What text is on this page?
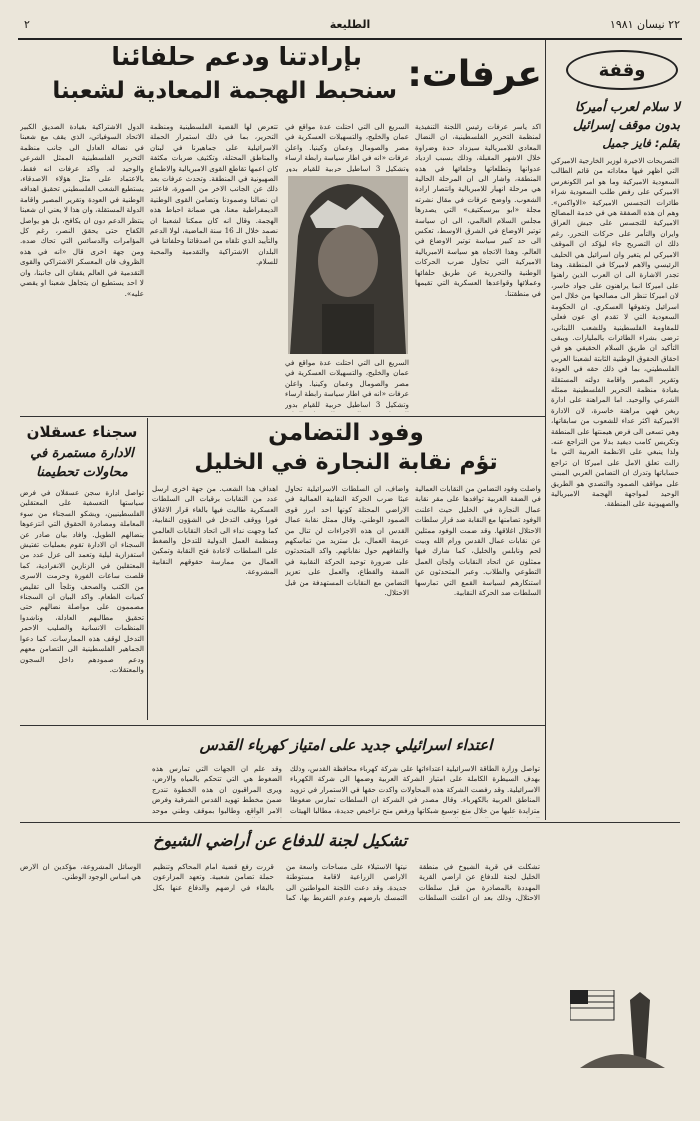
٢٢ نيسان ١٩٨١
الطليعة
٢
بإرادتنا ودعم حلفائنا عرفات:
سنحبط الهجمة المعادية لشعبنا
اكد ياسر عرفات رئيس اللجنة التنفيذية لمنظمة التحرير الفلسطينية، ان النضال المعادي للامبريالية سيزداد حدة وضراوة خلال الاشهر المقبلة، وذلك بسبب ازدياد عدوانها وتطلعاتها وحلفائها في هذه المنطقة، واشار الى ان المرحلة الحالية هي مرحلة انهيار للامبريالية وانتصار ارادة الشعوب. واوضح عرفات في مقال نشرته مجلة «ابو بيرسبكتيف» التي يصدرها مجلس السلام العالمي، الى ان سياسة توتير الاوضاع في الشرق الاوسط، تعكس الى حد كبير سياسة توتير الاوضاع في العالم. وهذا الاتجاه هو سياسة الامبريالية الاميركية التي تحاول ضرب الحركات الوطنية والتحررية عن طريق حلفائها وعملائها وقواعدها العسكرية التي تقيمها في منطقتنا.
السريع الى التي احتلت عدة مواقع في عمان والخليج، والتسهيلات العسكرية في مصر والصومال وعمان وكينيا. واعلن عرفات «انه في اطار سياسة رابطة ارساء وتشكيل 3 اساطيل حربية للقيام بدور
السريع الى التي احتلت عدة مواقع في عمان والخليج، والتسهيلات العسكرية في مصر والصومال وعمان وكينيا. واعلن عرفات «انه في اطار سياسة رابطة ارساء وتشكيل 3 اساطيل حربية للقيام بدور
تتعرض لها القضية الفلسطينية ومنظمة التحرير، بما في ذلك استمرار الحملة الاسرائيلية على جماهيرنا في لبنان والمناطق المحتلة، وتكثيف ضربات مكثفة كان اعمها تقاطع القوى الامبريالية والاطماع الصهيونية في المنطقة. وتحدث عرفات بعد ذلك عن الجانب الاخر من الصورة، فاعتبر ان نضالنا وصمودنا وتضامن القوى الوطنية الديمقراطية معنا، هي ضمانة احباط هذه الهجمة. وقال انه كان ممكنا لشعبنا ان نصمد خلال الـ 16 سنة الماضية، لولا الدعم والتأييد الذي تلقاه من اصدقائنا وحلفائنا في البلدان الاشتراكية والتقدمية والمحبة للسلام.
الدول الاشتراكية بقيادة الصديق الكبير الاتحاد السوفياتي، الذي يقف مع شعبنا في نضاله العادل الى جانب منظمة التحرير الفلسطينية الممثل الشرعي والوحيد له. واكد عرفات انه فقط، بالاعتماد على مثل هؤلاء الاصدقاء، يستطيع الشعب الفلسطيني تحقيق اهدافه الوطنية في العودة وتقرير المصير واقامة الدولة المستقلة، وان هذا لا يعني ان شعبنا ينتظر الدعم دون ان يكافح، بل هو يواصل الكفاح حتى يحقق النصر، رغم كل المؤامرات والدسائس التي تحاك ضده. ومن جهة اخرى قال «انه في هذه الظروف فان المعسكر الاشتراكي والقوى التقدمية في العالم يقفان الى جانبنا، وان لا احد يستطيع ان يتجاهل شعبنا او يقضي عليه».
وقفة
لا سلام لعرب أميركا
بدون موقف إسرائيل
بقلم: فايز جميل
التصريحات الاخيرة لوزير الخارجية الاميركي التي اظهر فيها معاداته من قائم الطالب السعودية الاميركية وما هو امر الكونغرس الاميركي على رفض طلب السعودية شراء طائرات التجسس الاميركية «الاواكس». وهم ان هذه الصفقة هي في خدمة المصالح الاميركية للتجسس على جيش العراق وايران والتأمر على حركات التحرر. رغم ذلك ان التصريح جاء ليؤكد ان الموقف الاميركي لم يتغير وان اسرائيل هي الحليف الرئيسي والاهم لاميركا في المنطقة. وهنا تجدر الاشارة الى ان العرب الذين راهنوا على اميركا انما يراهنون على جواد خاسر، لان اميركا تنظر الى مصالحها من خلال امن اسرائيل وتفوقها العسكري. ان الحكومة السعودية التي لا تقدم اي عون فعلي للمقاومة الفلسطينية وللشعب اللبناني، ترضى بشراء الطائرات بالمليارات. ويبقى التأكيد ان طريق السلام الحقيقي هو في احقاق الحقوق الوطنية الثابتة لشعبنا العربي الفلسطيني، بما في ذلك حقه في العودة وتقرير المصير واقامة دولته المستقلة بقيادة منظمة التحرير الفلسطينية ممثله الشرعي والوحيد. اما المراهنة على ادارة ريغن فهي مراهنة خاسرة، لان الادارة الاميركية اكثر عداء للشعوب من سابقاتها، وهي تسعى الى فرض هيمنتها على المنطقة وتكريس كامب ديفيد بدلا من التراجع عنه. ولذا ينبغي على الانظمة العربية التي ما زالت تعلق الامل على اميركا ان تراجع حساباتها وتدرك ان التضامن العربي المبني على مواقف الصمود والتصدي هو الطريق الوحيد لمواجهة الهجمة الامبريالية والصهيونية على المنطقة.
وفود التضامن
تؤم نقابة النجارة في الخليل
واصلت وفود التضامن من النقابات العمالية في الضفة الغربية توافدها على مقر نقابة عمال النجارة في الخليل حيث اعلنت الوفود تضامنها مع النقابة ضد قرار سلطات الاحتلال اغلاقها. وقد ضمت الوفود ممثلين عن نقابات عمال القدس ورام الله وبيت لحم ونابلس والخليل، كما شارك فيها ممثلون عن اتحاد النقابات ولجان العمل التطوعي والطلاب. وعبر المتحدثون عن استنكارهم لسياسة القمع التي تمارسها السلطات ضد الحركة النقابية.
واضاف، ان السلطات الاسرائيلية تحاول عبثا ضرب الحركة النقابية العمالية في الاراضي المحتلة كونها احد ابرز قوى الصمود الوطني. وقال ممثل نقابة عمال القدس ان هذه الاجراءات لن تنال من عزيمة العمال، بل ستزيد من تماسكهم والتفافهم حول نقاباتهم. واكد المتحدثون على ضرورة توحيد الحركة النقابية في الضفة والقطاع، والعمل على تعزيز التضامن مع النقابات المستهدفة من قبل الاحتلال.
اهداف هذا الشعب. من جهة اخرى ارسل عدد من النقابات برقيات الى السلطات العسكرية طالبت فيها بالغاء قرار الاغلاق فورا ووقف التدخل في الشؤون النقابية، كما وجهت نداء الى اتحاد النقابات العالمي ومنظمة العمل الدولية للتدخل والضغط على السلطات لاعادة فتح النقابة وتمكين العمال من ممارسة حقوقهم النقابية المشروعة.
سجناء عسقلان
الادارة مستمرة في محاولات تحطيمنا
تواصل ادارة سجن عسقلان في فرض سياستها التعسفية على المعتقلين الفلسطينيين، ويشكو السجناء من سوء المعاملة ومصادرة الحقوق التي انتزعوها بنضالهم الطويل. وافاد بيان صادر عن السجناء ان الادارة تقوم بعمليات تفتيش استفزازية ليلية وتعمد الى عزل عدد من المعتقلين في الزنازين الانفرادية، كما قلصت ساعات الفورة وحرمت الاسرى من الكتب والصحف وتلجأ الى تقليص كميات الطعام. واكد البيان ان السجناء مصممون على مواصلة نضالهم حتى تحقيق مطالبهم العادلة، وناشدوا المنظمات الانسانية والصليب الاحمر التدخل لوقف هذه الممارسات. كما دعوا الجماهير الفلسطينية الى التضامن معهم ودعم صمودهم داخل السجون والمعتقلات.
اعتداء اسرائيلي جديد على امتياز كهرباء القدس
تواصل وزارة الطاقة الاسرائيلية اعتداءاتها على شركة كهرباء محافظة القدس، وذلك بهدف السيطرة الكاملة على امتياز الشركة العربية وضمها الى شركة الكهرباء الاسرائيلية. وقد رفضت الشركة هذه المحاولات واكدت حقها في الاستمرار في تزويد المناطق العربية بالكهرباء. وقال مصدر في الشركة ان السلطات تمارس ضغوطا متزايدة عليها من خلال منع توسيع شبكاتها ورفض منح تراخيص جديدة، مطالبا الهيئات
وقد علم ان الجهات التي تمارس هذه الضغوط هي التي تتحكم بالمياه والارض، ويرى المراقبون ان هذه الخطوة تندرج ضمن مخطط تهويد القدس الشرقية وفرض الامر الواقع، وطالبوا بموقف وطني موحد
تشكيل لجنة للدفاع عن أراضي الشيوخ
تشكلت في قرية الشيوخ في منطقة الخليل لجنة للدفاع عن اراضي القرية المهددة بالمصادرة من قبل سلطات الاحتلال، وذلك بعد ان اعلنت السلطات نيتها الاستيلاء على مساحات واسعة من الاراضي الزراعية لاقامة مستوطنة جديدة. وقد دعت اللجنة المواطنين الى التمسك بارضهم وعدم التفريط بها، كما قررت رفع قضية امام المحاكم وتنظيم حملة تضامن شعبية. وتعهد المزارعون بالبقاء في ارضهم والدفاع عنها بكل الوسائل المشروعة، مؤكدين ان الارض هي اساس الوجود الوطني.
